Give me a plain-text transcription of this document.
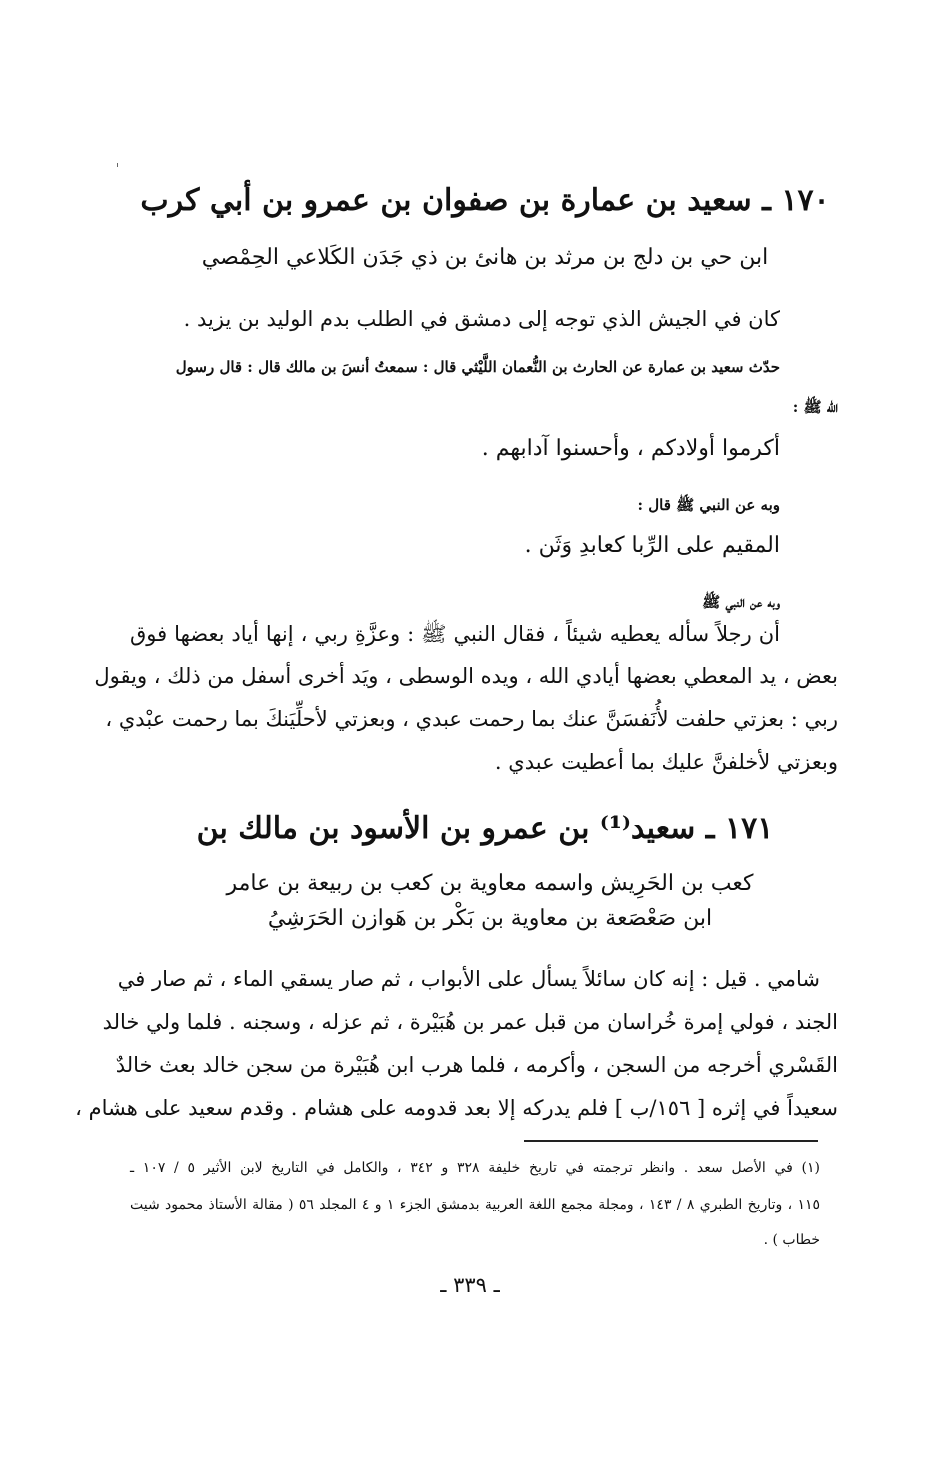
١٧٠ ـ سعيد بن عمارة بن صفوان بن عمرو بن أبي كرب
ابن حي بن دلج بن مرثد بن هانئ بن ذي جَدَن الكَلاعي الحِمْصي
كان في الجيش الذي توجه إلى دمشق في الطلب بدم الوليد بن يزيد .
حدّث سعيد بن عمارة عن الحارث بن النُّعمان اللَّيْثي قال : سمعتُ أنسَ بن مالك قال : قال رسول
الله ﷺ :
أكرموا أولادكم ، وأحسنوا آدابهم .
وبه عن النبي ﷺ قال :
المقيم على الرِّبا كعابدِ وَثَن .
وبه عن النبي ﷺ
أن رجلاً سأله يعطيه شيئاً ، فقال النبي ﷺ : وعزَّةِ ربي ، إنها أياد بعضها فوق
بعض ، يد المعطي بعضها أيادي الله ، ويده الوسطى ، ويَد أخرى أسفل من ذلك ، ويقول
ربي : بعزتي حلفت لأُنَفسَنَّ عنك بما رحمت عبدي ، وبعزتي لأحلِّيَنكَ بما رحمت عبْدي ،
وبعزتي لأخلفنَّ عليك بما أعطيت عبدي .
١٧١ ـ سعيد⁽¹⁾ بن عمرو بن الأسود بن مالك بن
كعب بن الحَرِيش واسمه معاوية بن كعب بن ربيعة بن عامر
ابن صَعْصَعة بن معاوية بن بَكْر بن هَوازن الحَرَشِيُ
شامي . قيل : إنه كان سائلاً يسأل على الأبواب ، ثم صار يسقي الماء ، ثم صار في
الجند ، فولي إمرة خُراسان من قبل عمر بن هُبَيْرة ، ثم عزله ، وسجنه . فلما ولي خالد
القَسْري أخرجه من السجن ، وأكرمه ، فلما هرب ابن هُبَيْرة من سجن خالد بعث خالدٌ
سعيداً في إثره [ ١٥٦/ب ] فلم يدركه إلا بعد قدومه على هشام . وقدم سعيد على هشام ،
(١) في الأصل سعد . وانظر ترجمته في تاريخ خليفة ٣٢٨ و ٣٤٢ ، والكامل في التاريخ لابن الأثير ٥ / ١٠٧ ـ
١١٥ ، وتاريخ الطبري ٨ / ١٤٣ ، ومجلة مجمع اللغة العربية بدمشق الجزء ١ و ٤ المجلد ٥٦ ( مقالة الأستاذ محمود شيت
خطاب ) .
ـ ٣٣٩ ـ
